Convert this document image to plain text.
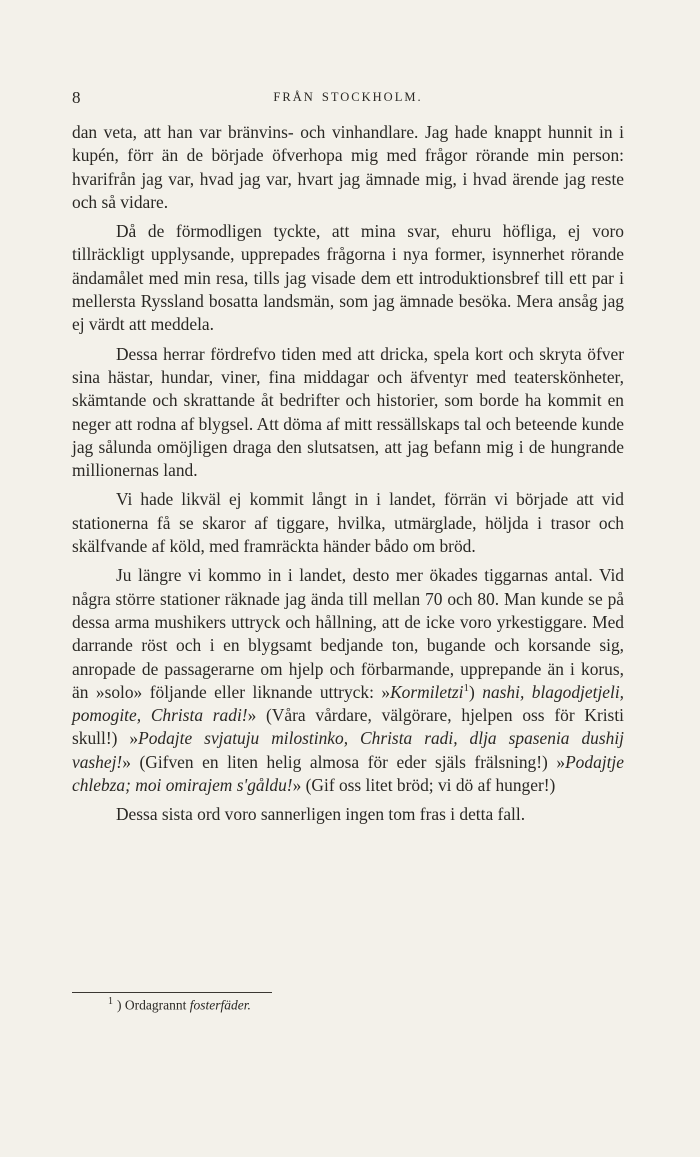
8	FRÅN STOCKHOLM.

dan veta, att han var bränvins- och vinhandlare. Jag hade knappt hunnit in i kupén, förr än de började öfverhopa mig med frågor rörande min person: hvarifrån jag var, hvad jag var, hvart jag ämnade mig, i hvad ärende jag reste och så vidare.

Då de förmodligen tyckte, att mina svar, ehuru höfliga, ej voro tillräckligt upplysande, upprepades frågorna i nya former, isynnerhet rörande ändamålet med min resa, tills jag visade dem ett introduktionsbref till ett par i mellersta Ryssland bosatta landsmän, som jag ämnade besöka. Mera ansåg jag ej värdt att meddela.

Dessa herrar fördrefvo tiden med att dricka, spela kort och skryta öfver sina hästar, hundar, viner, fina middagar och äfventyr med teaterskönheter, skämtande och skrattande åt bedrifter och historier, som borde ha kommit en neger att rodna af blygsel. Att döma af mitt ressällskaps tal och beteende kunde jag sålunda omöjligen draga den slutsatsen, att jag befann mig i de hungrande millionernas land.

Vi hade likväl ej kommit långt in i landet, förrän vi började att vid stationerna få se skaror af tiggare, hvilka, utmärglade, höljda i trasor och skälfvande af köld, med framräckta händer bådo om bröd.

Ju längre vi kommo in i landet, desto mer ökades tiggarnas antal. Vid några större stationer räknade jag ända till mellan 70 och 80. Man kunde se på dessa arma mushikers uttryck och hållning, att de icke voro yrkestiggare. Med darrande röst och i en blygsamt bedjande ton, bugande och korsande sig, anropade de passagerarne om hjelp och förbarmande, upprepande än i korus, än »solo» följande eller liknande uttryck: »Kormiletzi$^1$) nashi, blagodjetjeli, pomogite, Christa radi!» (Våra vårdare, välgörare, hjelpen oss för Kristi skull!) »Podajte svjatuju milostinko, Christa radi, dlja spasenia dushij vashej!» (Gifven en liten helig almosa för eder själs frälsning!) »Podajtje chlebza; moi omirajem s'gåldu!» (Gif oss litet bröd; vi dö af hunger!)

Dessa sista ord voro sannerligen ingen tom fras i detta fall.

$^1$ ) Ordagrannt fosterfäder.
